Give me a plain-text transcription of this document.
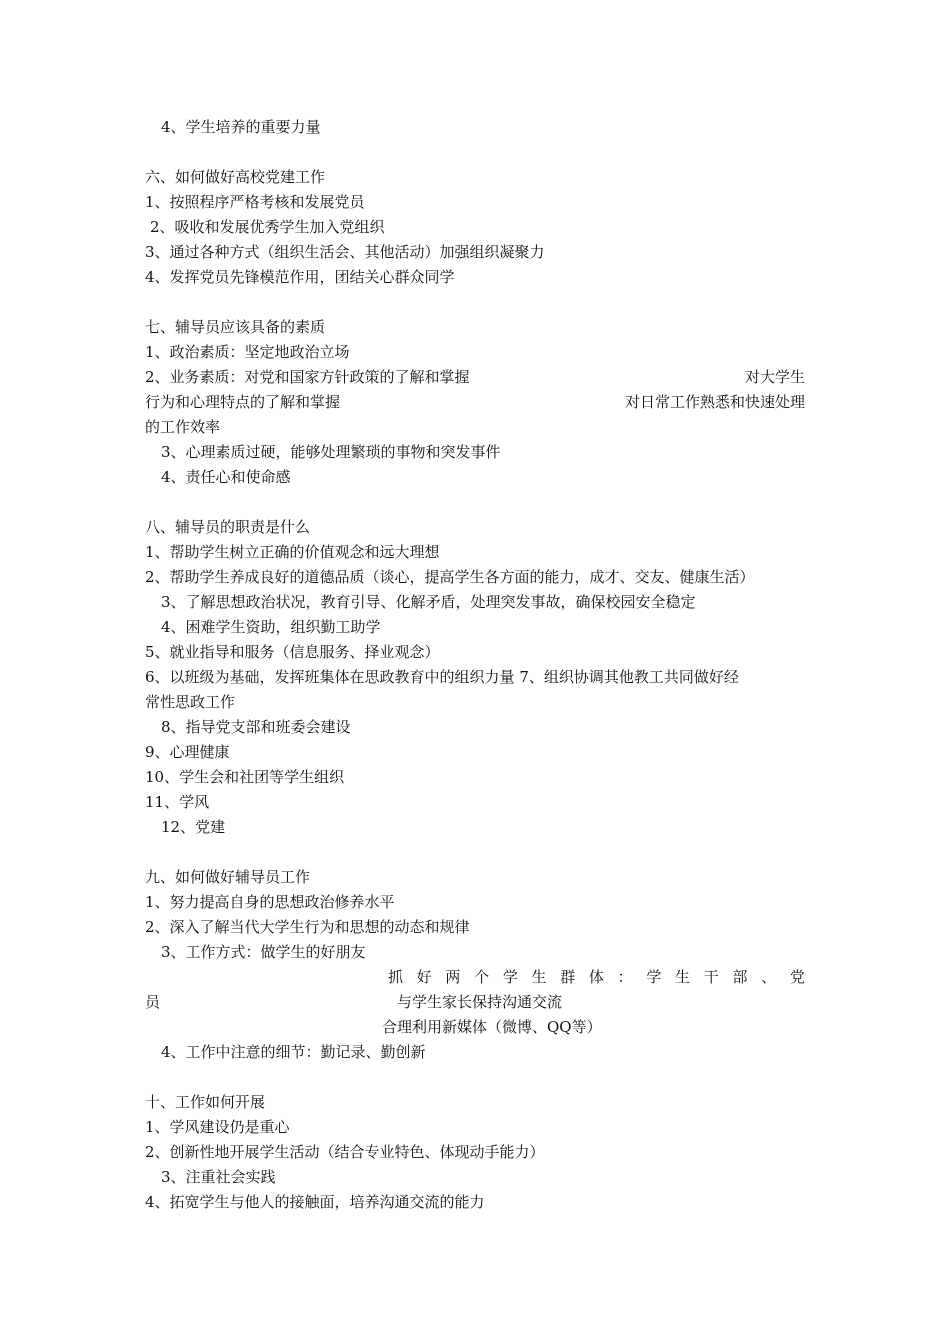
4、学生培养的重要力量
六、如何做好高校党建工作
1、按照程序严格考核和发展党员
2、吸收和发展优秀学生加入党组织
3、通过各种方式（组织生活会、其他活动）加强组织凝聚力
4、发挥党员先锋模范作用，团结关心群众同学
七、辅导员应该具备的素质
1、政治素质：坚定地政治立场
2、业务素质：对党和国家方针政策的了解和掌握	对大学生
行为和心理特点的了解和掌握	对日常工作熟悉和快速处理
的工作效率
3、心理素质过硬，能够处理繁琐的事物和突发事件
4、责任心和使命感
八、辅导员的职责是什么
1、帮助学生树立正确的价值观念和远大理想
2、帮助学生养成良好的道德品质（谈心，提高学生各方面的能力，成才、交友、健康生活）
3、了解思想政治状况，教育引导、化解矛盾，处理突发事故，确保校园安全稳定
4、困难学生资助，组织勤工助学
5、就业指导和服务（信息服务、择业观念）
6、以班级为基础，发挥班集体在思政教育中的组织力量 7、组织协调其他教工共同做好经
常性思政工作
8、指导党支部和班委会建设
9、心理健康
10、学生会和社团等学生组织
11、学风
12、党建
九、如何做好辅导员工作
1、努力提高自身的思想政治修养水平
2、深入了解当代大学生行为和思想的动态和规律
3、工作方式：做学生的好朋友
抓 好 两 个 学 生 群 体 ： 学 生 干 部 、 党
员	与学生家长保持沟通交流
合理利用新媒体（微博、QQ等）
4、工作中注意的细节：勤记录、勤创新
十、工作如何开展
1、学风建设仍是重心
2、创新性地开展学生活动（结合专业特色、体现动手能力）
3、注重社会实践
4、拓宽学生与他人的接触面，培养沟通交流的能力
